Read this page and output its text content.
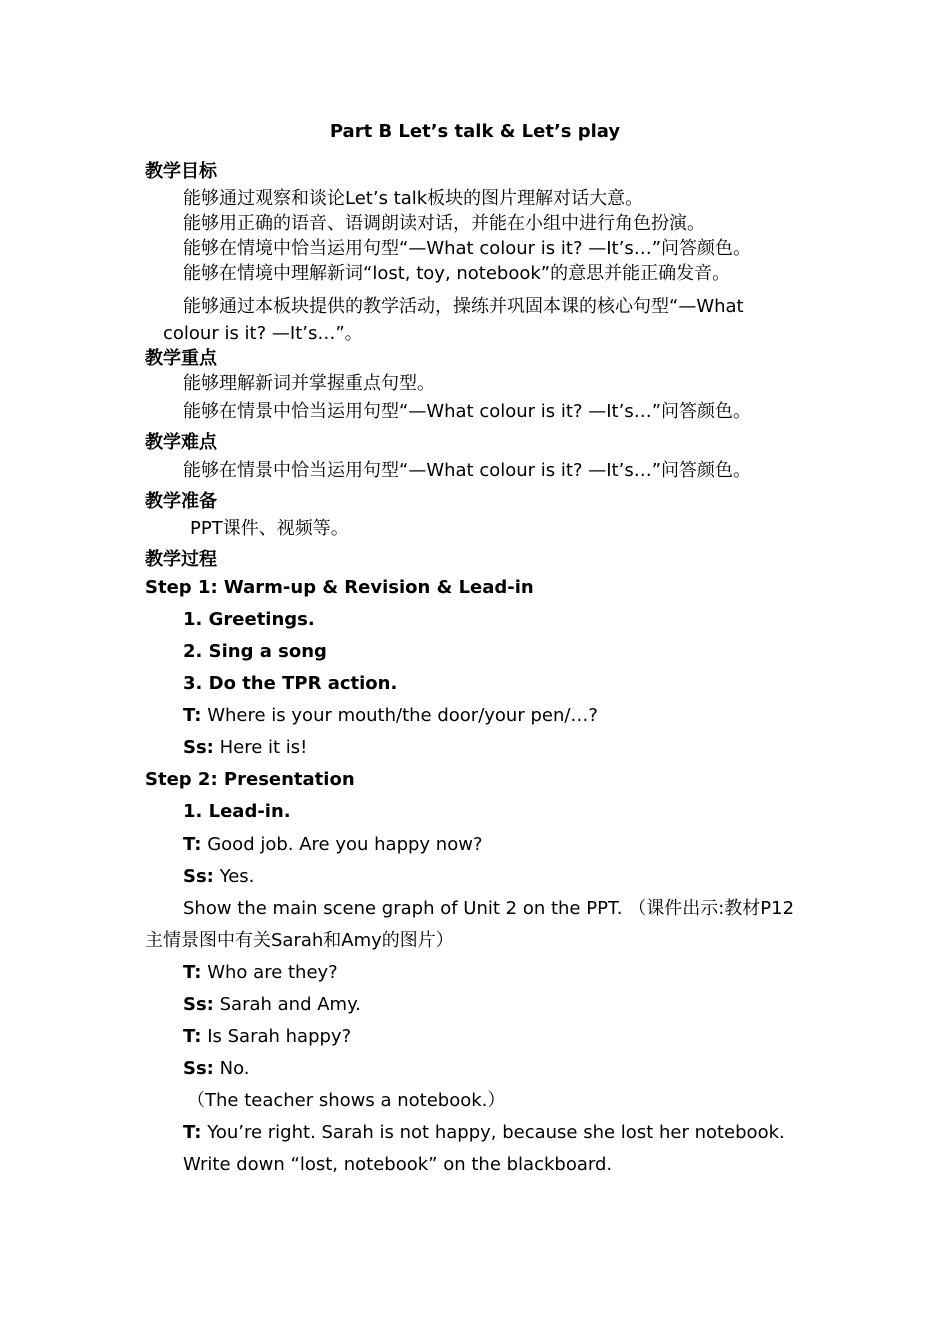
Part B Let’s talk & Let’s play
教学目标
能够通过观察和谈论Let’s talk板块的图片理解对话大意。
能够用正确的语音、语调朗读对话，并能在小组中进行角色扮演。
能够在情境中恰当运用句型“—What colour is it? —It’s…”问答颜色。
能够在情境中理解新词“lost, toy, notebook”的意思并能正确发音。
能够通过本板块提供的教学活动，操练并巩固本课的核心句型“—What
colour is it? —It’s…”。
教学重点
能够理解新词并掌握重点句型。
能够在情景中恰当运用句型“—What colour is it? —It’s…”问答颜色。
教学难点
能够在情景中恰当运用句型“—What colour is it? —It’s…”问答颜色。
教学准备
PPT课件、视频等。
教学过程
Step 1: Warm-up & Revision & Lead-in
1. Greetings.
2. Sing a song
3. Do the TPR action.
T: Where is your mouth/the door/your pen/…?
Ss: Here it is!
Step 2: Presentation
1. Lead-in.
T: Good job. Are you happy now?
Ss: Yes.
Show the main scene graph of Unit 2 on the PPT. （课件出示:教材P12
主情景图中有关Sarah和Amy的图片）
T: Who are they?
Ss: Sarah and Amy.
T: Is Sarah happy?
Ss: No.
（The teacher shows a notebook.）
T: You’re right. Sarah is not happy, because she lost her notebook.
Write down “lost, notebook” on the blackboard.
